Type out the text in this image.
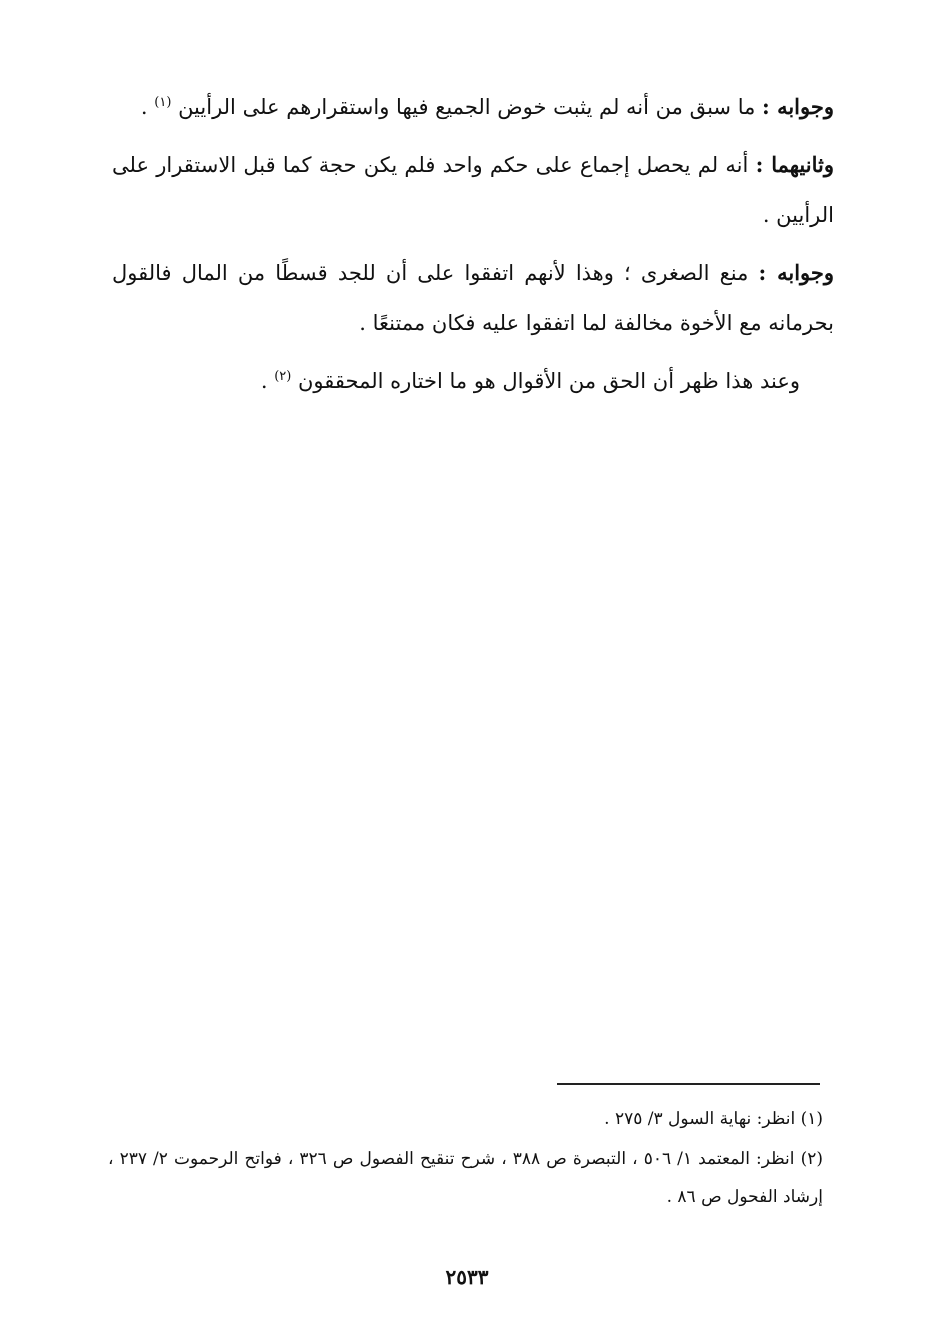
وجوابه : ما سبق من أنه لم يثبت خوض الجميع فيها واستقرارهم على الرأيين $^{(١)}$ .

وثانيهما : أنه لم يحصل إجماع على حكم واحد فلم يكن حجة كما قبل الاستقرار على الرأيين .

وجوابه : منع الصغرى ؛ وهذا لأنهم اتفقوا على أن للجد قسطًا من المال فالقول بحرمانه مع الأخوة مخالفة لما اتفقوا عليه فكان ممتنعًا .

وعند هذا ظهر أن الحق من الأقوال هو ما اختاره المحققون $^{(٢)}$ .

(١) انظر: نهاية السول ٣/ ٢٧٥ .

(٢) انظر: المعتمد ١/ ٥٠٦ ، التبصرة ص ٣٨٨ ، شرح تنقيح الفصول ص ٣٢٦ ، فواتح الرحموت ٢/ ٢٣٧ ، إرشاد الفحول ص ٨٦ .

٢٥٣٣
